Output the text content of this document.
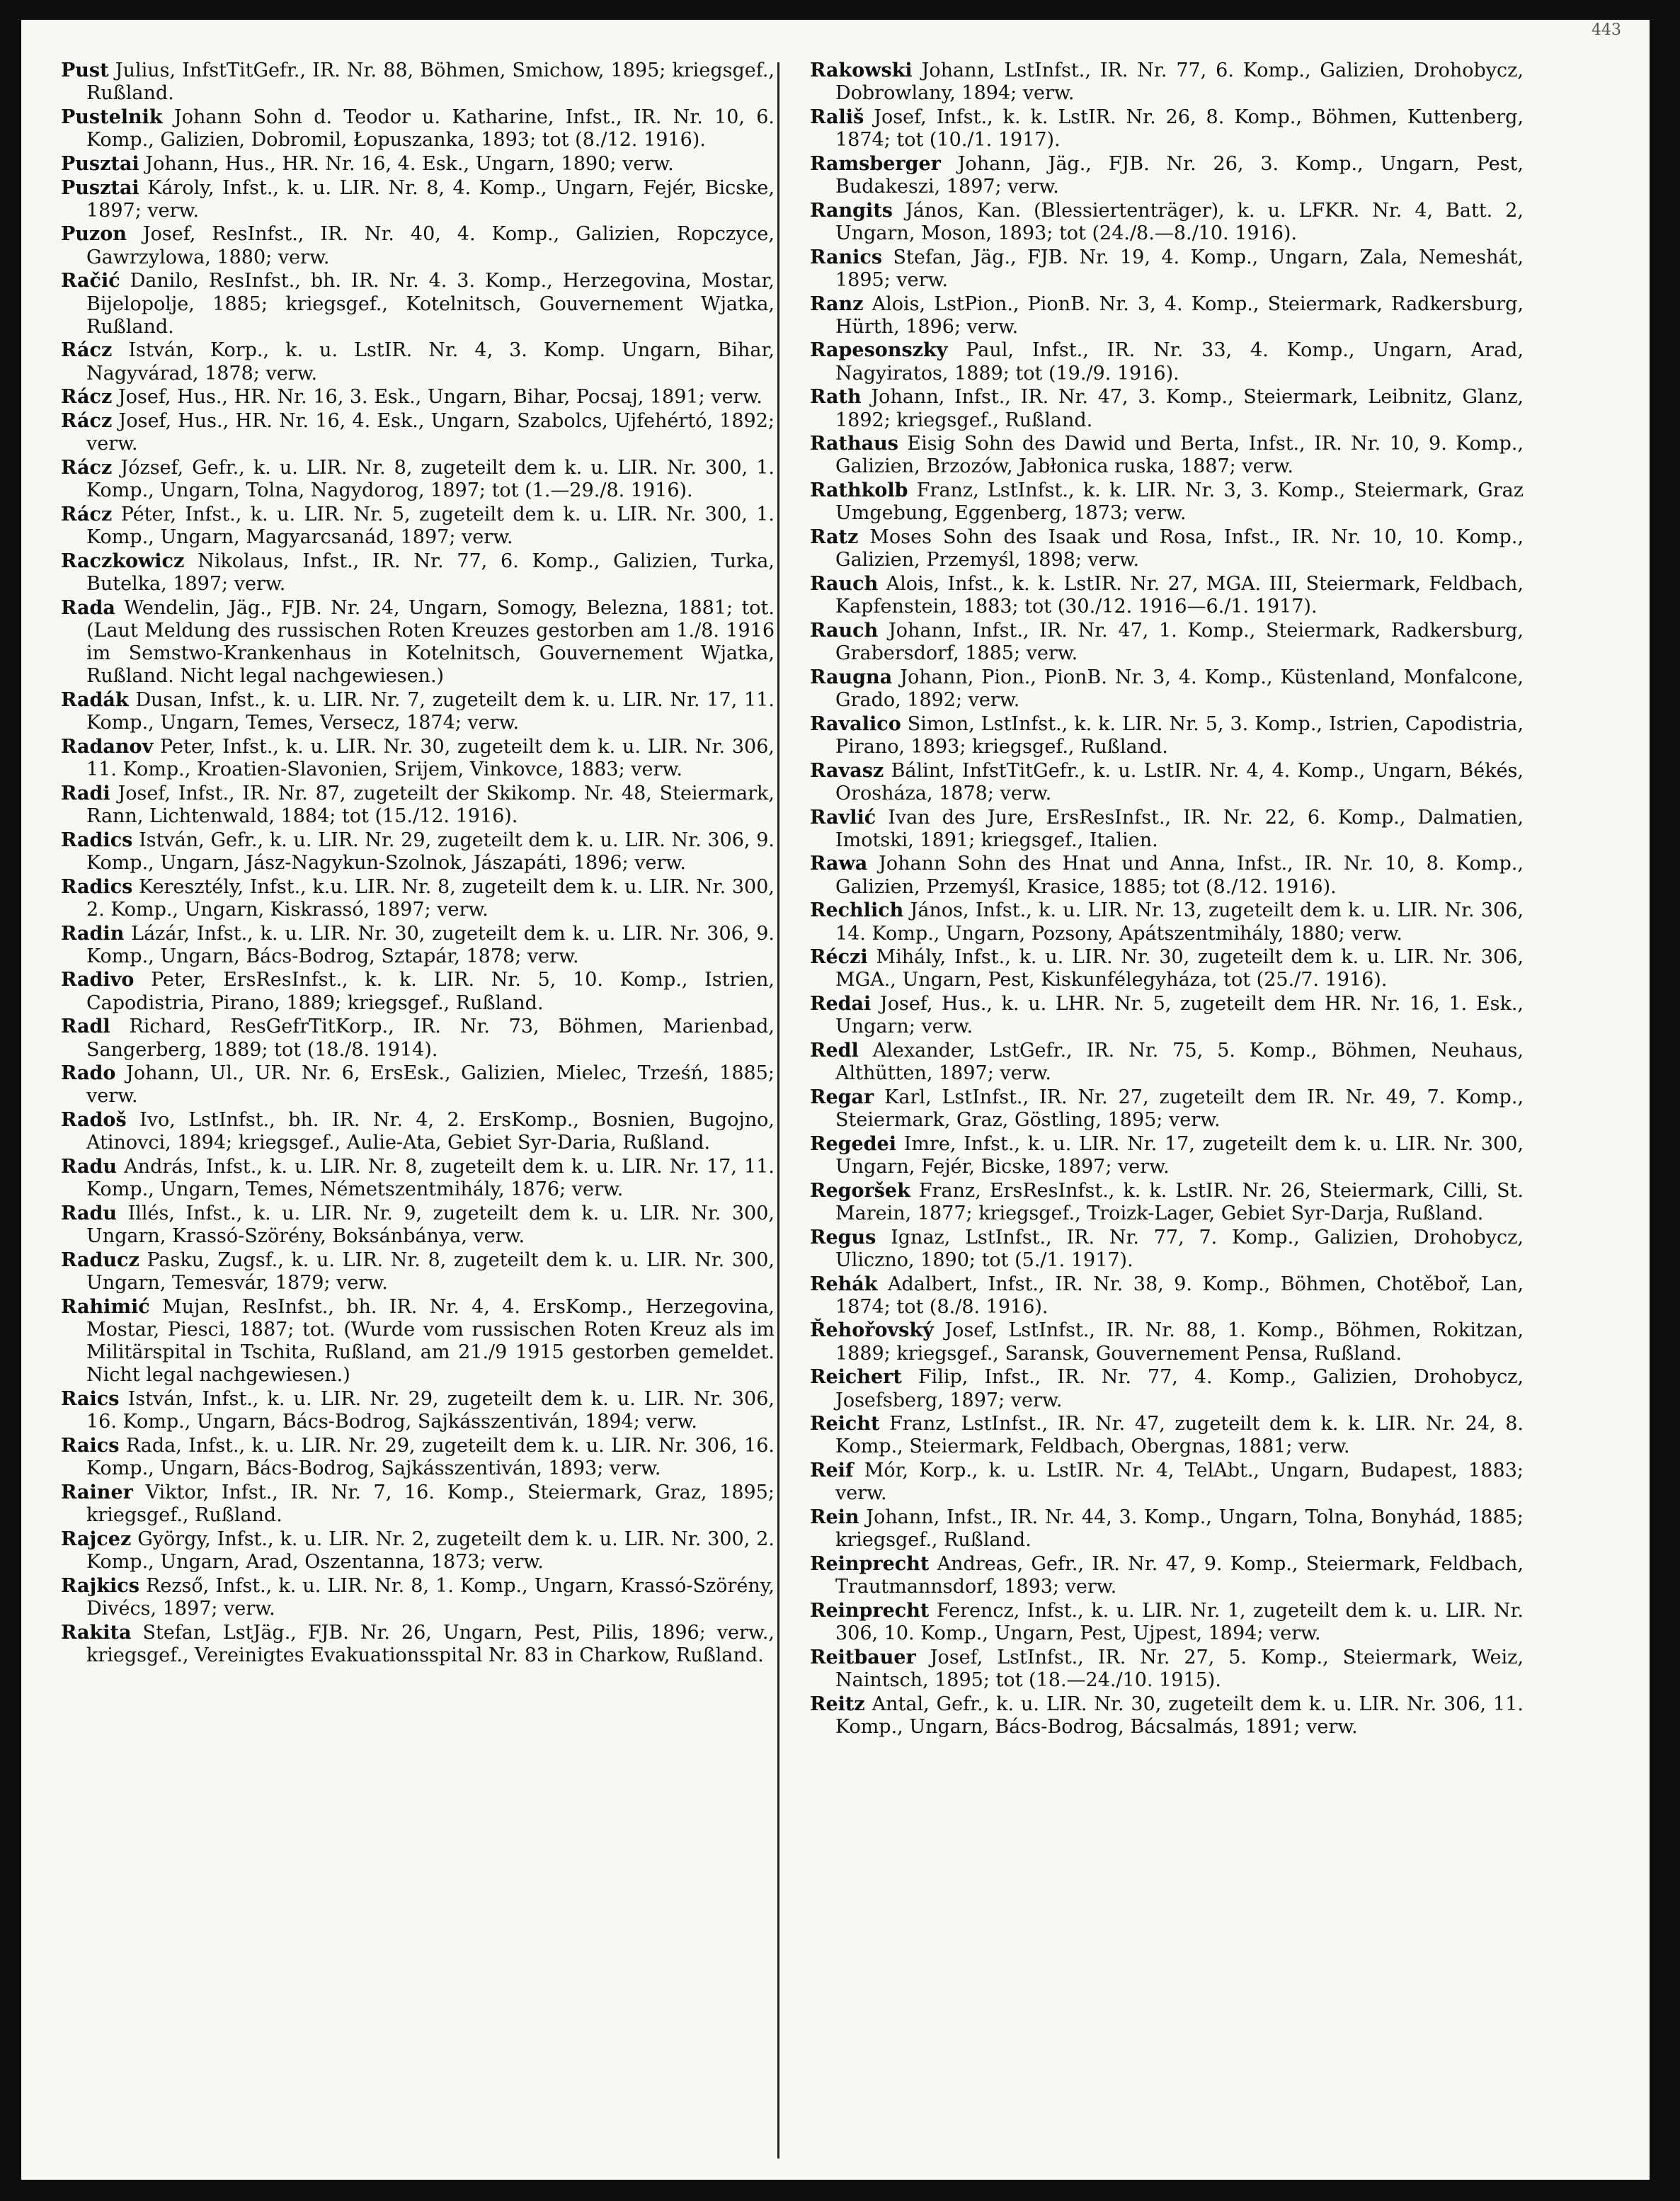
443

Pust Julius, InfstTitGefr., IR. Nr. 88, Böhmen, Smichow, 1895; kriegsgef., Rußland.

Pustelnik Johann Sohn d. Teodor u. Katharine, Infst., IR. Nr. 10, 6. Komp., Galizien, Dobromil, Łopuszanka, 1893; tot (8./12. 1916).

Pusztai Johann, Hus., HR. Nr. 16, 4. Esk., Ungarn, 1890; verw.

Pusztai Károly, Infst., k. u. LIR. Nr. 8, 4. Komp., Ungarn, Fejér, Bicske, 1897; verw.

Puzon Josef, ResInfst., IR. Nr. 40, 4. Komp., Galizien, Ropczyce, Gawrzylowa, 1880; verw.

Račić Danilo, ResInfst., bh. IR. Nr. 4. 3. Komp., Herzegovina, Mostar, Bijelopolje, 1885; kriegsgef., Kotelnitsch, Gouvernement Wjatka, Rußland.

Rácz István, Korp., k. u. LstIR. Nr. 4, 3. Komp. Ungarn, Bihar, Nagyvárad, 1878; verw.

Rácz Josef, Hus., HR. Nr. 16, 3. Esk., Ungarn, Bihar, Pocsaj, 1891; verw.

Rácz Josef, Hus., HR. Nr. 16, 4. Esk., Ungarn, Szabolcs, Ujfehértó, 1892; verw.

Rácz József, Gefr., k. u. LIR. Nr. 8, zugeteilt dem k. u. LIR. Nr. 300, 1. Komp., Ungarn, Tolna, Nagydorog, 1897; tot (1.—29./8. 1916).

Rácz Péter, Infst., k. u. LIR. Nr. 5, zugeteilt dem k. u. LIR. Nr. 300, 1. Komp., Ungarn, Magyarcsanád, 1897; verw.

Raczkowicz Nikolaus, Infst., IR. Nr. 77, 6. Komp., Galizien, Turka, Butelka, 1897; verw.

Rada Wendelin, Jäg., FJB. Nr. 24, Ungarn, Somogy, Belezna, 1881; tot. (Laut Meldung des russischen Roten Kreuzes gestorben am 1./8. 1916 im Semstwo-Krankenhaus in Kotelnitsch, Gouvernement Wjatka, Rußland. Nicht legal nachgewiesen.)

Radák Dusan, Infst., k. u. LIR. Nr. 7, zugeteilt dem k. u. LIR. Nr. 17, 11. Komp., Ungarn, Temes, Versecz, 1874; verw.

Radanov Peter, Infst., k. u. LIR. Nr. 30, zugeteilt dem k. u. LIR. Nr. 306, 11. Komp., Kroatien-Slavonien, Srijem, Vinkovce, 1883; verw.

Radi Josef, Infst., IR. Nr. 87, zugeteilt der Skikomp. Nr. 48, Steiermark, Rann, Lichtenwald, 1884; tot (15./12. 1916).

Radics István, Gefr., k. u. LIR. Nr. 29, zugeteilt dem k. u. LIR. Nr. 306, 9. Komp., Ungarn, Jász-Nagykun-Szolnok, Jászapáti, 1896; verw.

Radics Keresztély, Infst., k.u. LIR. Nr. 8, zugeteilt dem k. u. LIR. Nr. 300, 2. Komp., Ungarn, Kiskrassó, 1897; verw.

Radin Lázár, Infst., k. u. LIR. Nr. 30, zugeteilt dem k. u. LIR. Nr. 306, 9. Komp., Ungarn, Bács-Bodrog, Sztapár, 1878; verw.

Radivo Peter, ErsResInfst., k. k. LIR. Nr. 5, 10. Komp., Istrien, Capodistria, Pirano, 1889; kriegsgef., Rußland.

Radl Richard, ResGefrTitKorp., IR. Nr. 73, Böhmen, Marienbad, Sangerberg, 1889; tot (18./8. 1914).

Rado Johann, Ul., UR. Nr. 6, ErsEsk., Galizien, Mielec, Trześń, 1885; verw.

Radoš Ivo, LstInfst., bh. IR. Nr. 4, 2. ErsKomp., Bosnien, Bugojno, Atinovci, 1894; kriegsgef., Aulie-Ata, Gebiet Syr-Daria, Rußland.

Radu András, Infst., k. u. LIR. Nr. 8, zugeteilt dem k. u. LIR. Nr. 17, 11. Komp., Ungarn, Temes, Németszentmihály, 1876; verw.

Radu Illés, Infst., k. u. LIR. Nr. 9, zugeteilt dem k. u. LIR. Nr. 300, Ungarn, Krassó-Szörény, Boksánbánya, verw.

Raducz Pasku, Zugsf., k. u. LIR. Nr. 8, zugeteilt dem k. u. LIR. Nr. 300, Ungarn, Temesvár, 1879; verw.

Rahimić Mujan, ResInfst., bh. IR. Nr. 4, 4. ErsKomp., Herzegovina, Mostar, Piesci, 1887; tot. (Wurde vom russischen Roten Kreuz als im Militärspital in Tschita, Rußland, am 21./9 1915 gestorben gemeldet. Nicht legal nachgewiesen.)

Raics István, Infst., k. u. LIR. Nr. 29, zugeteilt dem k. u. LIR. Nr. 306, 16. Komp., Ungarn, Bács-Bodrog, Sajkásszentiván, 1894; verw.

Raics Rada, Infst., k. u. LIR. Nr. 29, zugeteilt dem k. u. LIR. Nr. 306, 16. Komp., Ungarn, Bács-Bodrog, Sajkásszentiván, 1893; verw.

Rainer Viktor, Infst., IR. Nr. 7, 16. Komp., Steiermark, Graz, 1895; kriegsgef., Rußland.

Rajcez György, Infst., k. u. LIR. Nr. 2, zugeteilt dem k. u. LIR. Nr. 300, 2. Komp., Ungarn, Arad, Oszentanna, 1873; verw.

Rajkics Rezső, Infst., k. u. LIR. Nr. 8, 1. Komp., Ungarn, Krassó-Szörény, Divécs, 1897; verw.

Rakita Stefan, LstJäg., FJB. Nr. 26, Ungarn, Pest, Pilis, 1896; verw., kriegsgef., Vereinigtes Evakuationsspital Nr. 83 in Charkow, Rußland.

Rakowski Johann, LstInfst., IR. Nr. 77, 6. Komp., Galizien, Drohobycz, Dobrowlany, 1894; verw.

Rališ Josef, Infst., k. k. LstIR. Nr. 26, 8. Komp., Böhmen, Kuttenberg, 1874; tot (10./1. 1917).

Ramsberger Johann, Jäg., FJB. Nr. 26, 3. Komp., Ungarn, Pest, Budakeszi, 1897; verw.

Rangits János, Kan. (Blessiertenträger), k. u. LFKR. Nr. 4, Batt. 2, Ungarn, Moson, 1893; tot (24./8.—8./10. 1916).

Ranics Stefan, Jäg., FJB. Nr. 19, 4. Komp., Ungarn, Zala, Nemeshát, 1895; verw.

Ranz Alois, LstPion., PionB. Nr. 3, 4. Komp., Steiermark, Radkersburg, Hürth, 1896; verw.

Rapesonszky Paul, Infst., IR. Nr. 33, 4. Komp., Ungarn, Arad, Nagyiratos, 1889; tot (19./9. 1916).

Rath Johann, Infst., IR. Nr. 47, 3. Komp., Steiermark, Leibnitz, Glanz, 1892; kriegsgef., Rußland.

Rathaus Eisig Sohn des Dawid und Berta, Infst., IR. Nr. 10, 9. Komp., Galizien, Brzozów, Jabłonica ruska, 1887; verw.

Rathkolb Franz, LstInfst., k. k. LIR. Nr. 3, 3. Komp., Steiermark, Graz Umgebung, Eggenberg, 1873; verw.

Ratz Moses Sohn des Isaak und Rosa, Infst., IR. Nr. 10, 10. Komp., Galizien, Przemyśl, 1898; verw.

Rauch Alois, Infst., k. k. LstIR. Nr. 27, MGA. III, Steiermark, Feldbach, Kapfenstein, 1883; tot (30./12. 1916—6./1. 1917).

Rauch Johann, Infst., IR. Nr. 47, 1. Komp., Steiermark, Radkersburg, Grabersdorf, 1885; verw.

Raugna Johann, Pion., PionB. Nr. 3, 4. Komp., Küstenland, Monfalcone, Grado, 1892; verw.

Ravalico Simon, LstInfst., k. k. LIR. Nr. 5, 3. Komp., Istrien, Capodistria, Pirano, 1893; kriegsgef., Rußland.

Ravasz Bálint, InfstTitGefr., k. u. LstIR. Nr. 4, 4. Komp., Ungarn, Békés, Orosháza, 1878; verw.

Ravlić Ivan des Jure, ErsResInfst., IR. Nr. 22, 6. Komp., Dalmatien, Imotski, 1891; kriegsgef., Italien.

Rawa Johann Sohn des Hnat und Anna, Infst., IR. Nr. 10, 8. Komp., Galizien, Przemyśl, Krasice, 1885; tot (8./12. 1916).

Rechlich János, Infst., k. u. LIR. Nr. 13, zugeteilt dem k. u. LIR. Nr. 306, 14. Komp., Ungarn, Pozsony, Apátszentmihály, 1880; verw.

Réczi Mihály, Infst., k. u. LIR. Nr. 30, zugeteilt dem k. u. LIR. Nr. 306, MGA., Ungarn, Pest, Kiskunfélegyháza, tot (25./7. 1916).

Redai Josef, Hus., k. u. LHR. Nr. 5, zugeteilt dem HR. Nr. 16, 1. Esk., Ungarn; verw.

Redl Alexander, LstGefr., IR. Nr. 75, 5. Komp., Böhmen, Neuhaus, Althütten, 1897; verw.

Regar Karl, LstInfst., IR. Nr. 27, zugeteilt dem IR. Nr. 49, 7. Komp., Steiermark, Graz, Göstling, 1895; verw.

Regedei Imre, Infst., k. u. LIR. Nr. 17, zugeteilt dem k. u. LIR. Nr. 300, Ungarn, Fejér, Bicske, 1897; verw.

Regoršek Franz, ErsResInfst., k. k. LstIR. Nr. 26, Steiermark, Cilli, St. Marein, 1877; kriegsgef., Troizk-Lager, Gebiet Syr-Darja, Rußland.

Regus Ignaz, LstInfst., IR. Nr. 77, 7. Komp., Galizien, Drohobycz, Uliczno, 1890; tot (5./1. 1917).

Rehák Adalbert, Infst., IR. Nr. 38, 9. Komp., Böhmen, Chotěboř, Lan, 1874; tot (8./8. 1916).

Řehořovský Josef, LstInfst., IR. Nr. 88, 1. Komp., Böhmen, Rokitzan, 1889; kriegsgef., Saransk, Gouvernement Pensa, Rußland.

Reichert Filip, Infst., IR. Nr. 77, 4. Komp., Galizien, Drohobycz, Josefsberg, 1897; verw.

Reicht Franz, LstInfst., IR. Nr. 47, zugeteilt dem k. k. LIR. Nr. 24, 8. Komp., Steiermark, Feldbach, Obergnas, 1881; verw.

Reif Mór, Korp., k. u. LstIR. Nr. 4, TelAbt., Ungarn, Budapest, 1883; verw.

Rein Johann, Infst., IR. Nr. 44, 3. Komp., Ungarn, Tolna, Bonyhád, 1885; kriegsgef., Rußland.

Reinprecht Andreas, Gefr., IR. Nr. 47, 9. Komp., Steiermark, Feldbach, Trautmannsdorf, 1893; verw.

Reinprecht Ferencz, Infst., k. u. LIR. Nr. 1, zugeteilt dem k. u. LIR. Nr. 306, 10. Komp., Ungarn, Pest, Ujpest, 1894; verw.

Reitbauer Josef, LstInfst., IR. Nr. 27, 5. Komp., Steiermark, Weiz, Naintsch, 1895; tot (18.—24./10. 1915).

Reitz Antal, Gefr., k. u. LIR. Nr. 30, zugeteilt dem k. u. LIR. Nr. 306, 11. Komp., Ungarn, Bács-Bodrog, Bácsalmás, 1891; verw.
